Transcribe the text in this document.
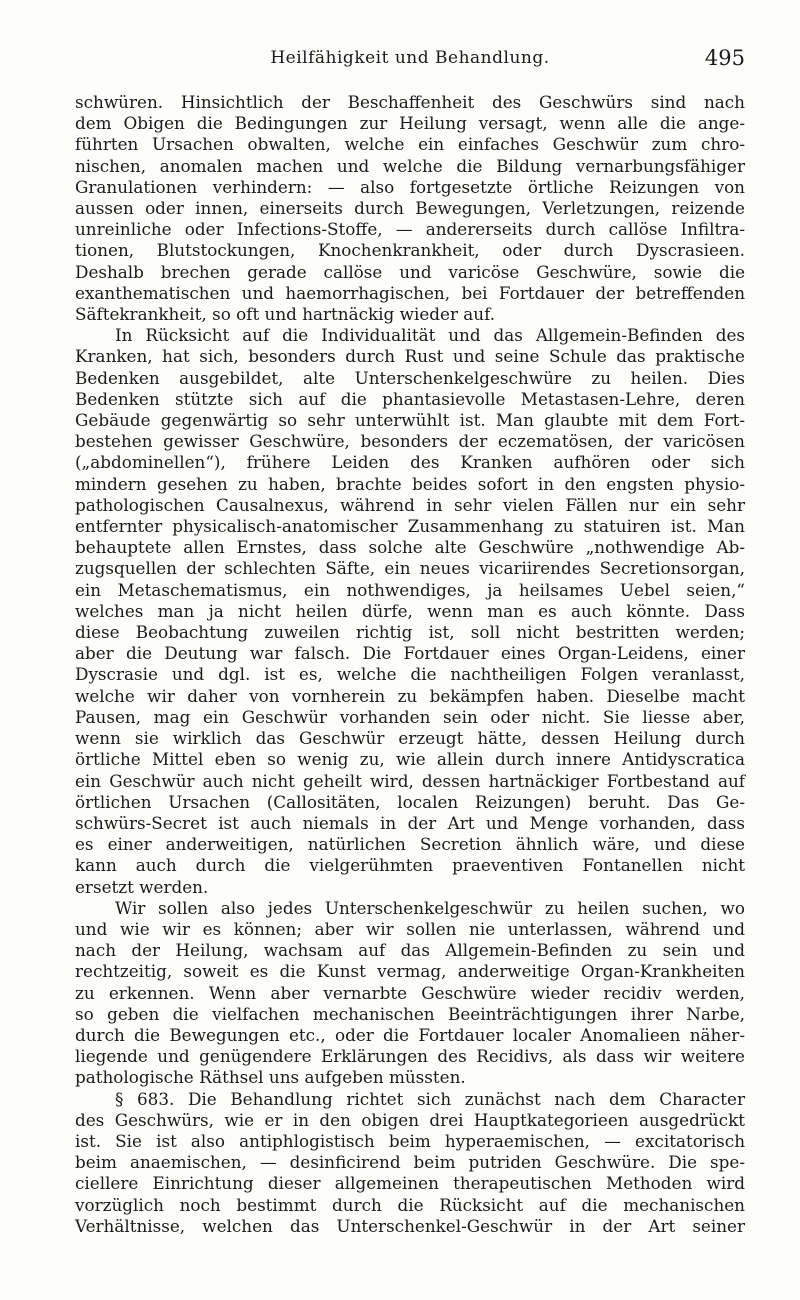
Heilfähigkeit und Behandlung.	495
schwüren. Hinsichtlich der Beschaffenheit des Geschwürs sind nach
dem Obigen die Bedingungen zur Heilung versagt, wenn alle die ange-
führten Ursachen obwalten, welche ein einfaches Geschwür zum chro-
nischen, anomalen machen und welche die Bildung vernarbungsfähiger
Granulationen verhindern: — also fortgesetzte örtliche Reizungen von
aussen oder innen, einerseits durch Bewegungen, Verletzungen, reizende
unreinliche oder Infections-Stoffe, — andererseits durch callöse Infiltra-
tionen, Blutstockungen, Knochenkrankheit, oder durch Dyscrasieen.
Deshalb brechen gerade callöse und varicöse Geschwüre, sowie die
exanthematischen und haemorrhagischen, bei Fortdauer der betreffenden
Säftekrankheit, so oft und hartnäckig wieder auf.
In Rücksicht auf die Individualität und das Allgemein-Befinden des
Kranken, hat sich, besonders durch Rust und seine Schule das praktische
Bedenken ausgebildet, alte Unterschenkelgeschwüre zu heilen. Dies
Bedenken stützte sich auf die phantasievolle Metastasen-Lehre, deren
Gebäude gegenwärtig so sehr unterwühlt ist. Man glaubte mit dem Fort-
bestehen gewisser Geschwüre, besonders der eczematösen, der varicösen
(„abdominellen“), frühere Leiden des Kranken aufhören oder sich
mindern gesehen zu haben, brachte beides sofort in den engsten physio-
pathologischen Causalnexus, während in sehr vielen Fällen nur ein sehr
entfernter physicalisch-anatomischer Zusammenhang zu statuiren ist. Man
behauptete allen Ernstes, dass solche alte Geschwüre „nothwendige Ab-
zugsquellen der schlechten Säfte, ein neues vicariirendes Secretionsorgan,
ein Metaschematismus, ein nothwendiges, ja heilsames Uebel seien,“
welches man ja nicht heilen dürfe, wenn man es auch könnte. Dass
diese Beobachtung zuweilen richtig ist, soll nicht bestritten werden;
aber die Deutung war falsch. Die Fortdauer eines Organ-Leidens, einer
Dyscrasie und dgl. ist es, welche die nachtheiligen Folgen veranlasst,
welche wir daher von vornherein zu bekämpfen haben. Dieselbe macht
Pausen, mag ein Geschwür vorhanden sein oder nicht. Sie liesse aber,
wenn sie wirklich das Geschwür erzeugt hätte, dessen Heilung durch
örtliche Mittel eben so wenig zu, wie allein durch innere Antidyscratica
ein Geschwür auch nicht geheilt wird, dessen hartnäckiger Fortbestand auf
örtlichen Ursachen (Callositäten, localen Reizungen) beruht. Das Ge-
schwürs-Secret ist auch niemals in der Art und Menge vorhanden, dass
es einer anderweitigen, natürlichen Secretion ähnlich wäre, und diese
kann auch durch die vielgerühmten praeventiven Fontanellen nicht
ersetzt werden.
Wir sollen also jedes Unterschenkelgeschwür zu heilen suchen, wo
und wie wir es können; aber wir sollen nie unterlassen, während und
nach der Heilung, wachsam auf das Allgemein-Befinden zu sein und
rechtzeitig, soweit es die Kunst vermag, anderweitige Organ-Krankheiten
zu erkennen. Wenn aber vernarbte Geschwüre wieder recidiv werden,
so geben die vielfachen mechanischen Beeinträchtigungen ihrer Narbe,
durch die Bewegungen etc., oder die Fortdauer localer Anomalieen näher-
liegende und genügendere Erklärungen des Recidivs, als dass wir weitere
pathologische Räthsel uns aufgeben müssten.
§ 683. Die Behandlung richtet sich zunächst nach dem Character
des Geschwürs, wie er in den obigen drei Hauptkategorieen ausgedrückt
ist. Sie ist also antiphlogistisch beim hyperaemischen, — excitatorisch
beim anaemischen, — desinficirend beim putriden Geschwüre. Die spe-
ciellere Einrichtung dieser allgemeinen therapeutischen Methoden wird
vorzüglich noch bestimmt durch die Rücksicht auf die mechanischen
Verhältnisse, welchen das Unterschenkel-Geschwür in der Art seiner
